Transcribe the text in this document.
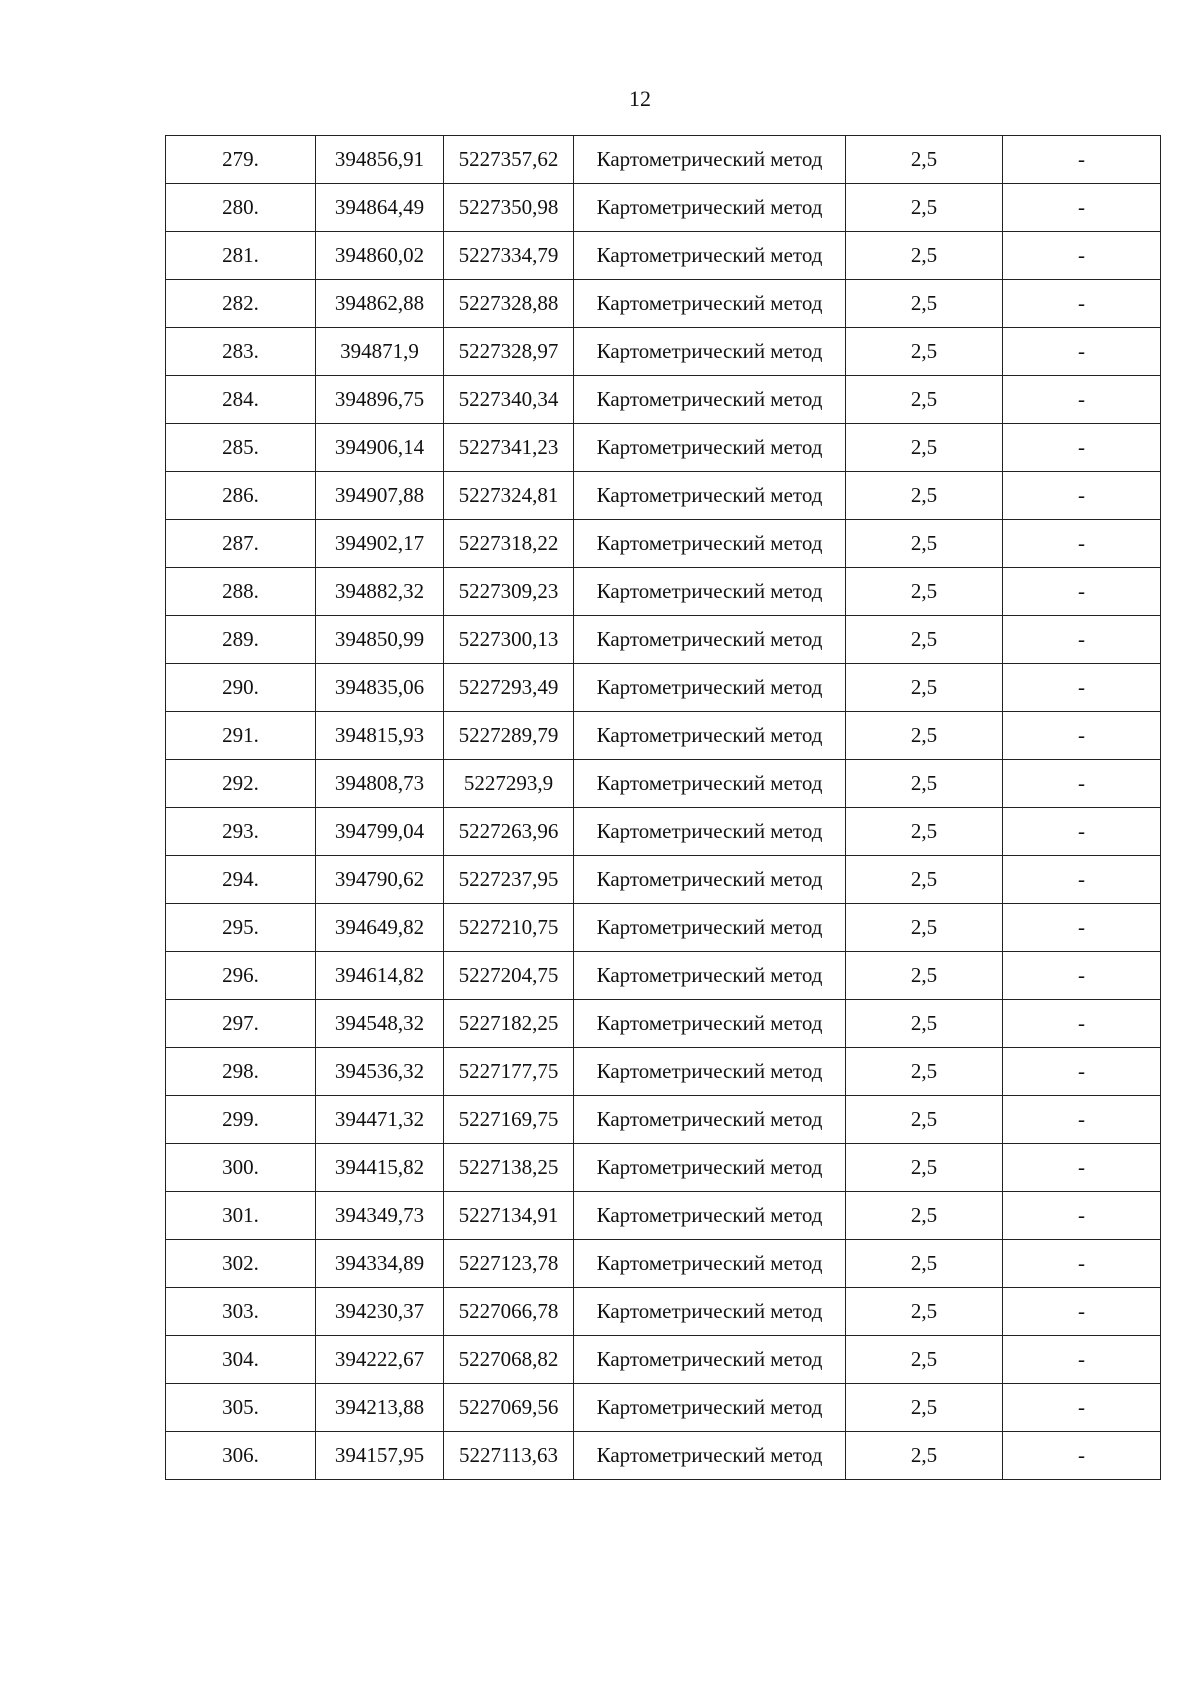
12
279.	394856,91	5227357,62	Картометрический метод	2,5	-
280.	394864,49	5227350,98	Картометрический метод	2,5	-
281.	394860,02	5227334,79	Картометрический метод	2,5	-
282.	394862,88	5227328,88	Картометрический метод	2,5	-
283.	394871,9	5227328,97	Картометрический метод	2,5	-
284.	394896,75	5227340,34	Картометрический метод	2,5	-
285.	394906,14	5227341,23	Картометрический метод	2,5	-
286.	394907,88	5227324,81	Картометрический метод	2,5	-
287.	394902,17	5227318,22	Картометрический метод	2,5	-
288.	394882,32	5227309,23	Картометрический метод	2,5	-
289.	394850,99	5227300,13	Картометрический метод	2,5	-
290.	394835,06	5227293,49	Картометрический метод	2,5	-
291.	394815,93	5227289,79	Картометрический метод	2,5	-
292.	394808,73	5227293,9	Картометрический метод	2,5	-
293.	394799,04	5227263,96	Картометрический метод	2,5	-
294.	394790,62	5227237,95	Картометрический метод	2,5	-
295.	394649,82	5227210,75	Картометрический метод	2,5	-
296.	394614,82	5227204,75	Картометрический метод	2,5	-
297.	394548,32	5227182,25	Картометрический метод	2,5	-
298.	394536,32	5227177,75	Картометрический метод	2,5	-
299.	394471,32	5227169,75	Картометрический метод	2,5	-
300.	394415,82	5227138,25	Картометрический метод	2,5	-
301.	394349,73	5227134,91	Картометрический метод	2,5	-
302.	394334,89	5227123,78	Картометрический метод	2,5	-
303.	394230,37	5227066,78	Картометрический метод	2,5	-
304.	394222,67	5227068,82	Картометрический метод	2,5	-
305.	394213,88	5227069,56	Картометрический метод	2,5	-
306.	394157,95	5227113,63	Картометрический метод	2,5	-
